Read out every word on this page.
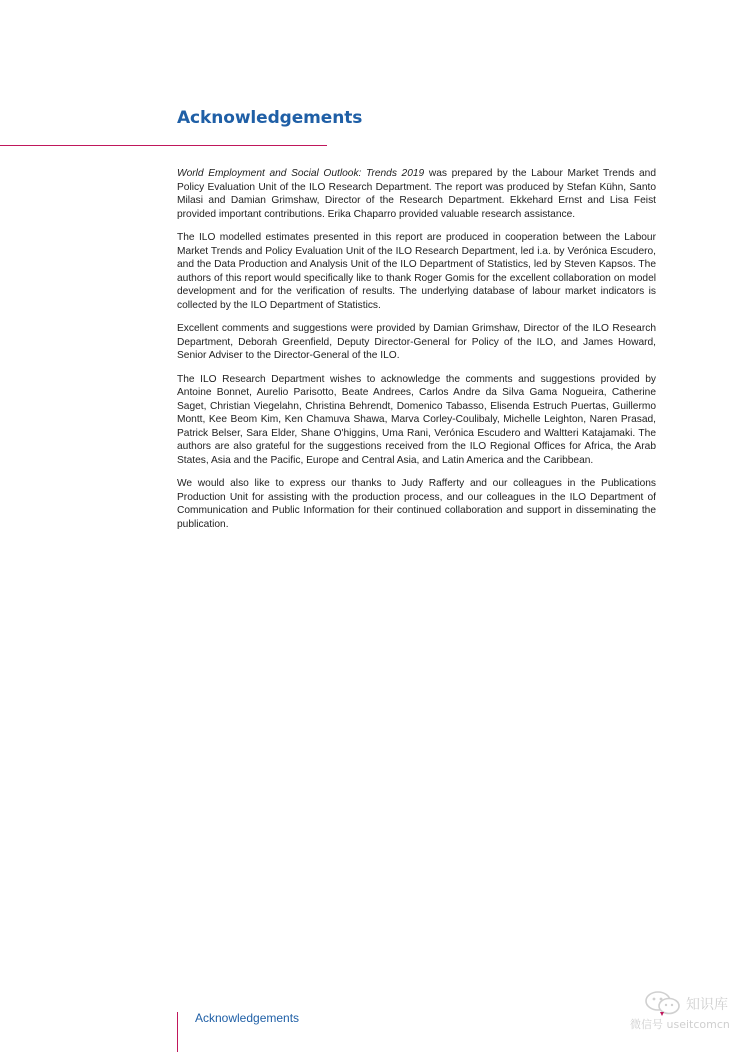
Acknowledgements

World Employment and Social Outlook: Trends 2019 was prepared by the Labour Market Trends and Policy Evaluation Unit of the ILO Research Department. The report was produced by Stefan Kühn, Santo Milasi and Damian Grimshaw, Director of the Research Department. Ekkehard Ernst and Lisa Feist provided important contributions. Erika Chaparro provided valuable research assistance.

The ILO modelled estimates presented in this report are produced in cooperation between the Labour Market Trends and Policy Evaluation Unit of the ILO Research Department, led i.a. by Verónica Escudero, and the Data Production and Analysis Unit of the ILO Department of Statistics, led by Steven Kapsos. The authors of this report would specifically like to thank Roger Gomis for the excellent collaboration on model development and for the verification of results. The underlying database of labour market indicators is collected by the ILO Department of Statistics.

Excellent comments and suggestions were provided by Damian Grimshaw, Director of the ILO Research Department, Deborah Greenfield, Deputy Director-General for Policy of the ILO, and James Howard, Senior Adviser to the Director-General of the ILO.

The ILO Research Department wishes to acknowledge the comments and suggestions provided by Antoine Bonnet, Aurelio Parisotto, Beate Andrees, Carlos Andre da Silva Gama Nogueira, Catherine Saget, Christian Viegelahn, Christina Behrendt, Domenico Tabasso, Elisenda Estruch Puertas, Guillermo Montt, Kee Beom Kim, Ken Chamuva Shawa, Marva Corley-Coulibaly, Michelle Leighton, Naren Prasad, Patrick Belser, Sara Elder, Shane O'higgins, Uma Rani, Verónica Escudero and Waltteri Katajamaki. The authors are also grateful for the suggestions received from the ILO Regional Offices for Africa, the Arab States, Asia and the Pacific, Europe and Central Asia, and Latin America and the Caribbean.

We would also like to express our thanks to Judy Rafferty and our colleagues in the Publications Production Unit for assisting with the production process, and our colleagues in the ILO Department of Communication and Public Information for their continued collaboration and support in disseminating the publication.

Acknowledgements
知识库
微信号 useitcomcn
